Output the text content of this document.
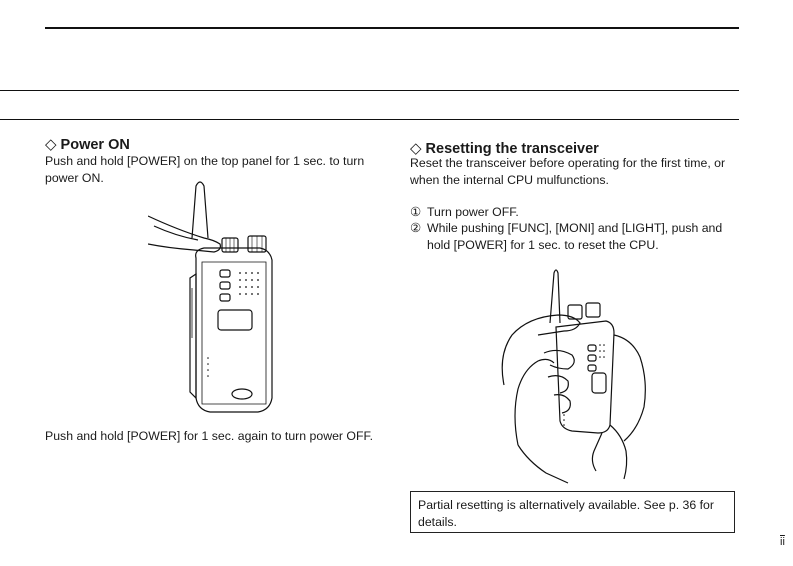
◇ Power ON

Push and hold [POWER] on the top panel for 1 sec. to turn power ON.

Push and hold [POWER] for 1 sec. again to turn power OFF.

◇ Resetting the transceiver

Reset the transceiver before operating for the first time, or when the internal CPU mulfunctions.

① Turn power OFF.
② While pushing [FUNC], [MONI] and [LIGHT], push and hold [POWER] for 1 sec. to reset the CPU.

Partial resetting is alternatively available. See p. 36 for details.

$\overline{ii}$
